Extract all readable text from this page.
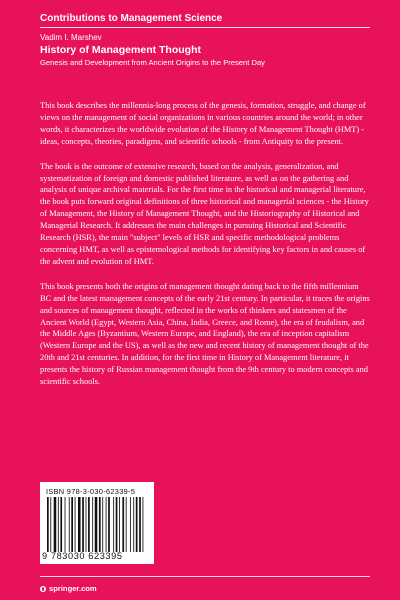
Contributions to Management Science
Vadim I. Marshev
History of Management Thought
Genesis and Development from Ancient Origins to the Present Day

This book describes the millennia-long process of the genesis, formation, struggle, and change of views on the management of social organizations in various countries around the world; in other words, it characterizes the worldwide evolution of the History of Management Thought (HMT) - ideas, concepts, theories, paradigms, and scientific schools - from Antiquity to the present.

The book is the outcome of extensive research, based on the analysis, generalization, and systematization of foreign and domestic published literature, as well as on the gathering and analysis of unique archival materials. For the first time in the historical and managerial literature, the book puts forward original definitions of three historical and managerial sciences - the History of Management, the History of Management Thought, and the Historiography of Historical and Managerial Research. It addresses the main challenges in pursuing Historical and Scientific Research (HSR), the main "subject" levels of HSR and specific methodological problems concerning HMT, as well as epistemological methods for identifying key factors in and causes of the advent and evolution of HMT.

This book presents both the origins of management thought dating back to the fifth millennium BC and the latest management concepts of the early 21st century. In particular, it traces the origins and sources of management thought, reflected in the works of thinkers and statesmen of the Ancient World (Egypt, Western Asia, China, India, Greece, and Rome), the era of feudalism, and the Middle Ages (Byzantium, Western Europe, and England), the era of inception capitalism (Western Europe and the US), as well as the new and recent history of management thought of the 20th and 21st centuries. In addition, for the first time in History of Management literature, it presents the history of Russian management thought from the 9th century to modern concepts and scientific schools.

ISBN 978-3-030-62339-5
9 783030 623395
springer.com
